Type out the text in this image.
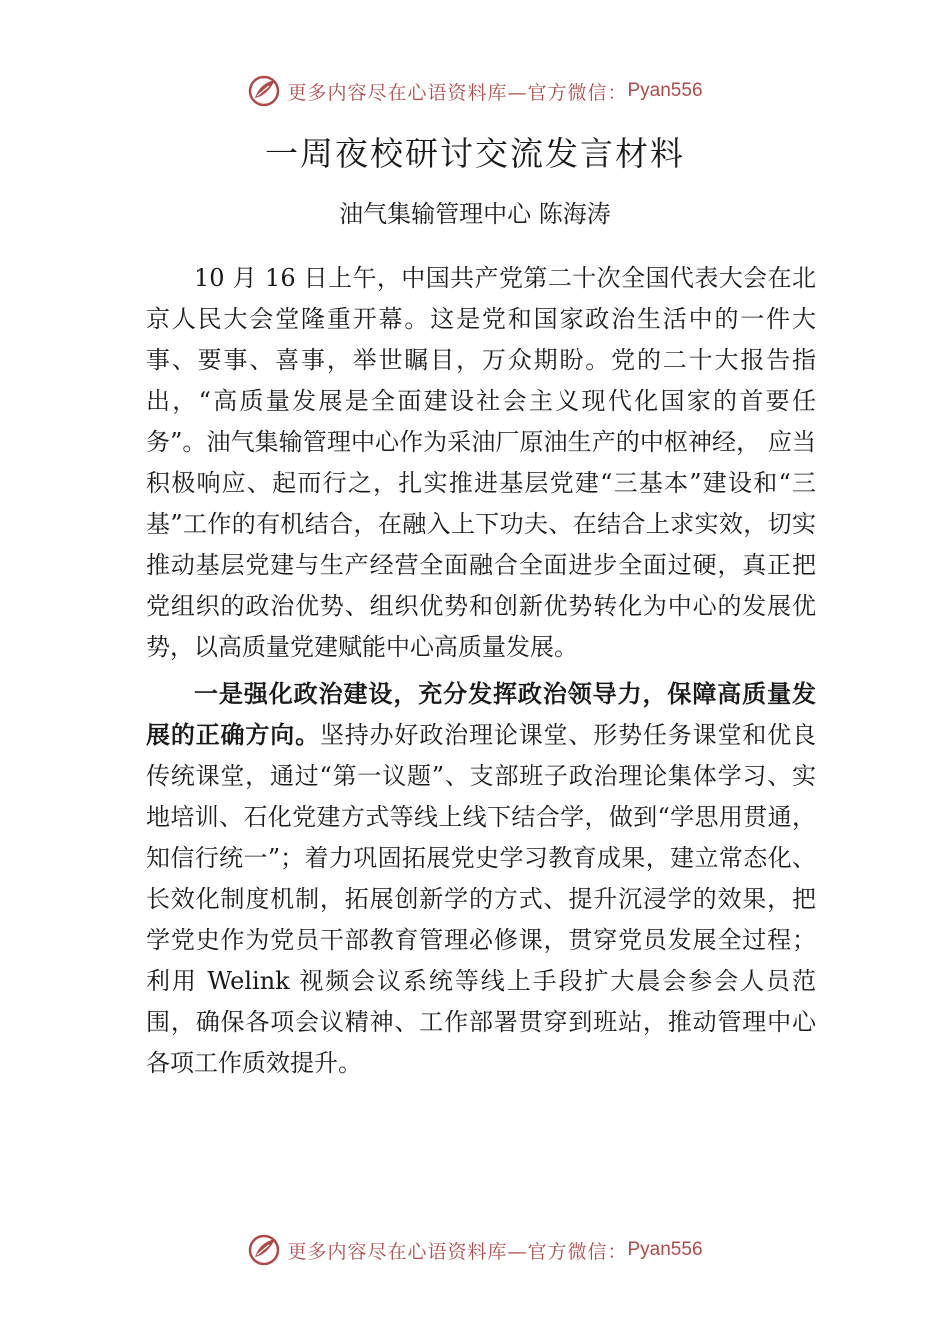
更多内容尽在心语资料库—官方微信： Pyan556
一周夜校研讨交流发言材料
油气集输管理中心 陈海涛

10 月 16 日上午，中国共产党第二十次全国代表大会在北京人民大会堂隆重开幕。这是党和国家政治生活中的一件大事、要事、喜事，举世瞩目，万众期盼。党的二十大报告指出，“高质量发展是全面建设社会主义现代化国家的首要任务”。油气集输管理中心作为采油厂原油生产的中枢神经， 应当积极响应、起而行之，扎实推进基层党建“三基本”建设和“三基”工作的有机结合，在融入上下功夫、在结合上求实效，切实推动基层党建与生产经营全面融合全面进步全面过硬，真正把党组织的政治优势、组织优势和创新优势转化为中心的发展优势，以高质量党建赋能中心高质量发展。

一是强化政治建设，充分发挥政治领导力，保障高质量发展的正确方向。坚持办好政治理论课堂、形势任务课堂和优良传统课堂，通过“第一议题”、支部班子政治理论集体学习、实地培训、石化党建方式等线上线下结合学，做到“学思用贯通，知信行统一”；着力巩固拓展党史学习教育成果，建立常态化、长效化制度机制，拓展创新学的方式、提升沉浸学的效果，把学党史作为党员干部教育管理必修课，贯穿党员发展全过程；利用 Welink 视频会议系统等线上手段扩大晨会参会人员范围，确保各项会议精神、工作部署贯穿到班站，推动管理中心各项工作质效提升。

更多内容尽在心语资料库—官方微信： Pyan556
